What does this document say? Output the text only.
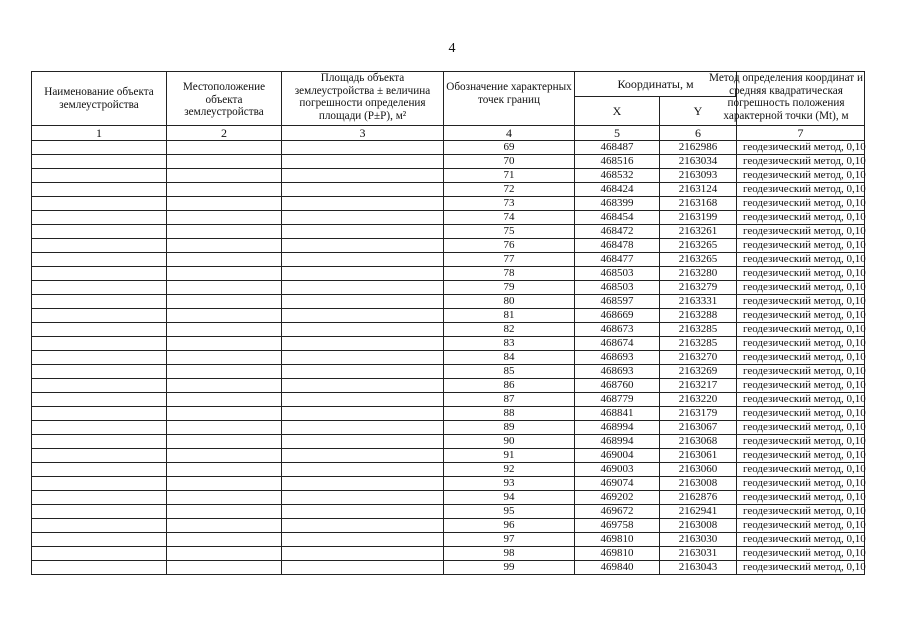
4
Наименование объекта землеустройства	Местоположение объекта землеустройства	Площадь объекта землеустройства ± величина погрешности определения площади (P±P), м²	Обозначение характерных точек границ	Координаты, м		Метод определения координат и средняя квадратическая погрешность положения характерной точки (Mt), м

				X	Y	
1	2	3	4	5	6	7
			69	468487	2162986	геодезический метод, 0,10
			70	468516	2163034	геодезический метод, 0,10
			71	468532	2163093	геодезический метод, 0,10
			72	468424	2163124	геодезический метод, 0,10
			73	468399	2163168	геодезический метод, 0,10
			74	468454	2163199	геодезический метод, 0,10
			75	468472	2163261	геодезический метод, 0,10
			76	468478	2163265	геодезический метод, 0,10
			77	468477	2163265	геодезический метод, 0,10
			78	468503	2163280	геодезический метод, 0,10
			79	468503	2163279	геодезический метод, 0,10
			80	468597	2163331	геодезический метод, 0,10
			81	468669	2163288	геодезический метод, 0,10
			82	468673	2163285	геодезический метод, 0,10
			83	468674	2163285	геодезический метод, 0,10
			84	468693	2163270	геодезический метод, 0,10
			85	468693	2163269	геодезический метод, 0,10
			86	468760	2163217	геодезический метод, 0,10
			87	468779	2163220	геодезический метод, 0,10
			88	468841	2163179	геодезический метод, 0,10
			89	468994	2163067	геодезический метод, 0,10
			90	468994	2163068	геодезический метод, 0,10
			91	469004	2163061	геодезический метод, 0,10
			92	469003	2163060	геодезический метод, 0,10
			93	469074	2163008	геодезический метод, 0,10
			94	469202	2162876	геодезический метод, 0,10
			95	469672	2162941	геодезический метод, 0,10
			96	469758	2163008	геодезический метод, 0,10
			97	469810	2163030	геодезический метод, 0,10
			98	469810	2163031	геодезический метод, 0,10
			99	469840	2163043	геодезический метод, 0,10
